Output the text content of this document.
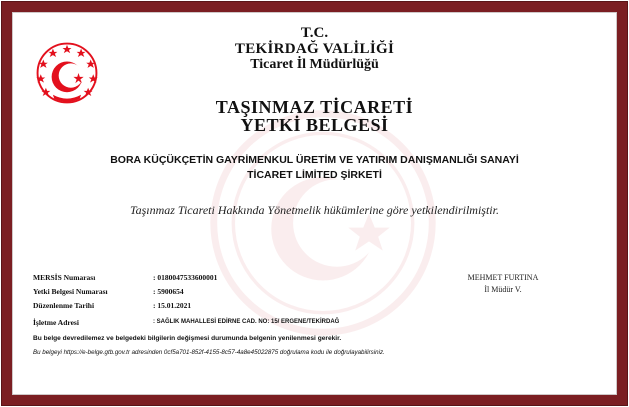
T.C.
TEKİRDAĞ VALİLİĞİ
Ticaret İl Müdürlüğü
TAŞINMAZ TİCARETİ
YETKİ BELGESİ
BORA KÜÇÜKÇETİN GAYRİMENKUL ÜRETİM VE YATIRIM DANIŞMANLIĞI SANAYİ
TİCARET LİMİTED ŞİRKETİ
Taşınmaz Ticareti Hakkında Yönetmelik hükümlerine göre yetkilendirilmiştir.
MERSİS Numarası	: 0180047533600001
Yetki Belgesi Numarası	: 5900654
Düzenlenme Tarihi	: 15.01.2021
İşletme Adresi	: SAĞLIK MAHALLESİ EDİRNE CAD. NO: 15/ ERGENE/TEKİRDAĞ
Bu belge devredilemez ve belgedeki bilgilerin değişmesi durumunda belgenin yenilenmesi gerekir.
Bu belgeyi https://e-belge.gtb.gov.tr adresinden 0cf5a701-852f-4155-8c57-4a8e45022875 doğrulama kodu ile doğrulayabilirsiniz.
MEHMET FURTINA
İl Müdür V.
